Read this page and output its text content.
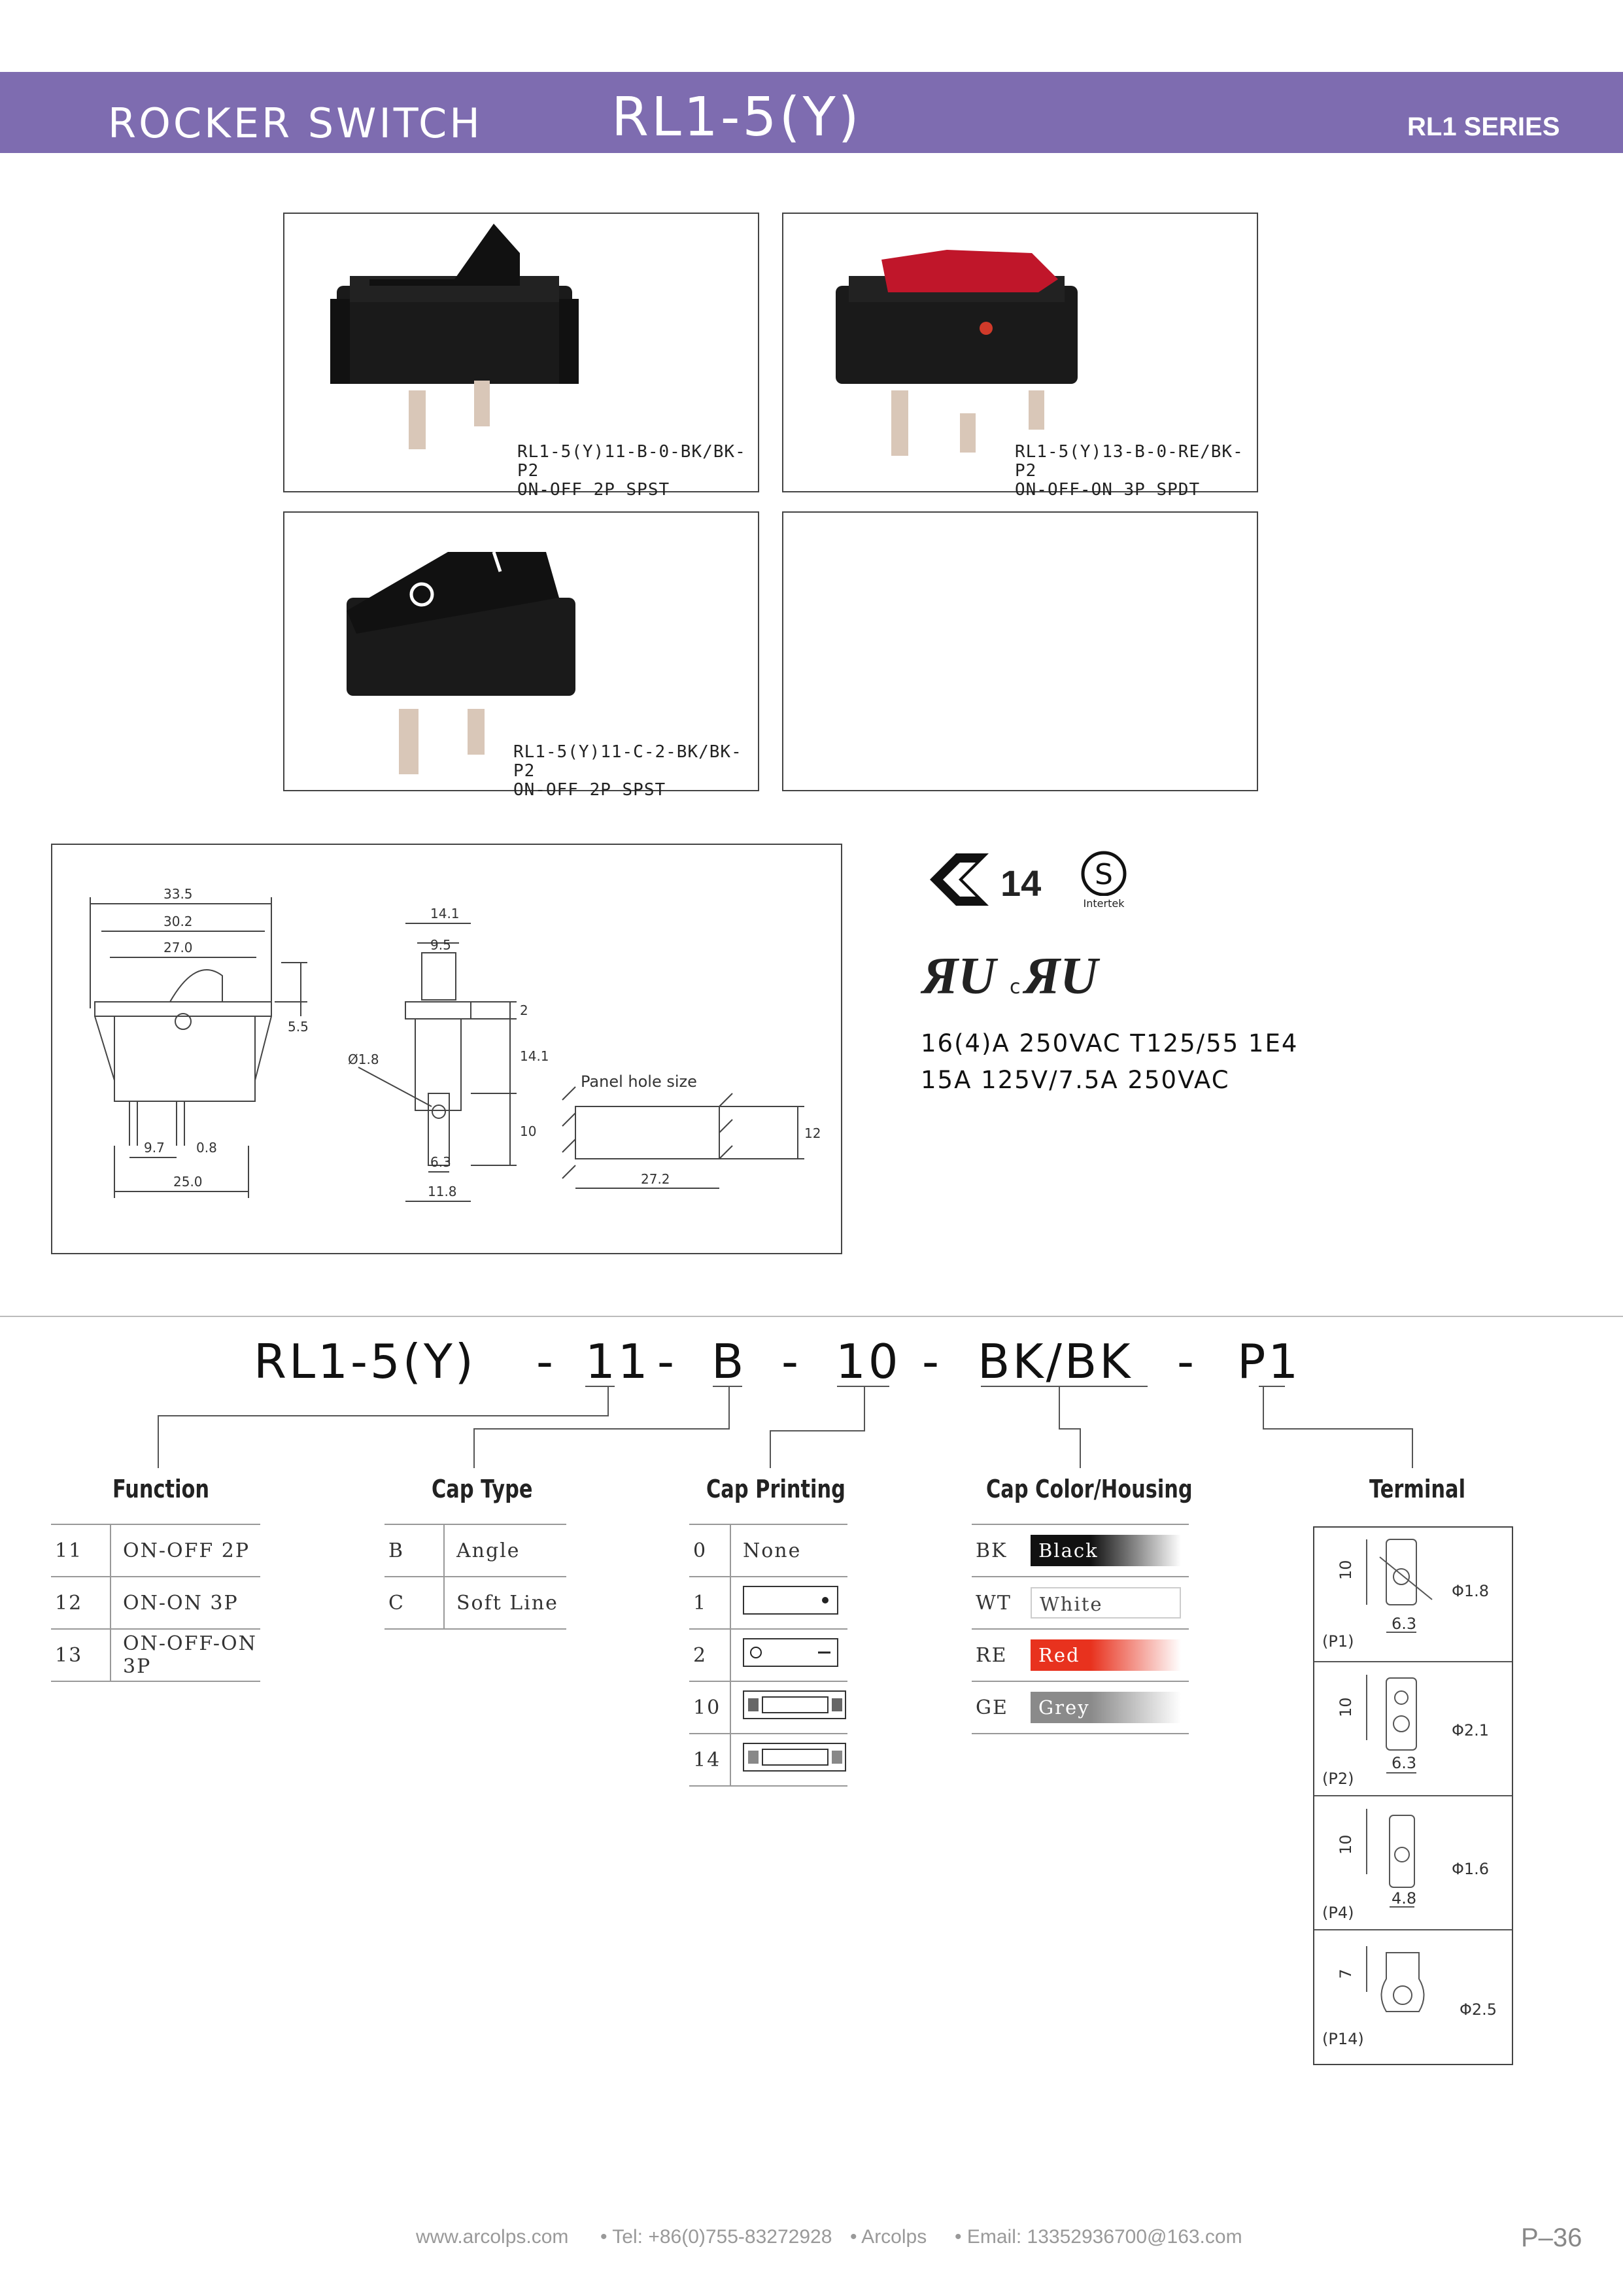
ROCKER SWITCH RL1-5(Y)	RL1 SERIES
RL1-5(Y)11-B-0-BK/BK-P2
ON-OFF 2P SPST
RL1-5(Y)13-B-0-RE/BK-P2
ON-OFF-ON 3P SPDT
RL1-5(Y)11-C-2-BK/BK-P2
ON-OFF 2P SPST
33.5
30.2
27.0
5.5
0.8
9.7
25.0
14.1
9.5
2
14.1
10
6.3
11.8
Ø1.8
Panel hole size
27.2
12
14 S
Intertek
ЯU c ЯU
16(4)A 250VAC T125/55 1E4
15A 125V/7.5A 250VAC
RL1-5(Y) - 11 - B - 10 - BK/BK - P1
Function
11	ON-OFF 2P
12	ON-ON 3P
13	ON-OFF-ON 3P
Cap Type
B	Angle
C	Soft Line
Cap Printing
0	None
1	
2	
10	
14	
Cap Color/Housing
BK	Black

WT	White

RE	Red

GE	Grey
Terminal
10
Φ1.8
6.3
(P1)
10
Φ2.1
6.3
(P2)
10
Φ1.6
4.8
(P4)
7
Φ2.5
(P14)
www.arcolps.com • Tel: +86(0)755-83272928 • Arcolps • Email: 13352936700@163.com	P–36
